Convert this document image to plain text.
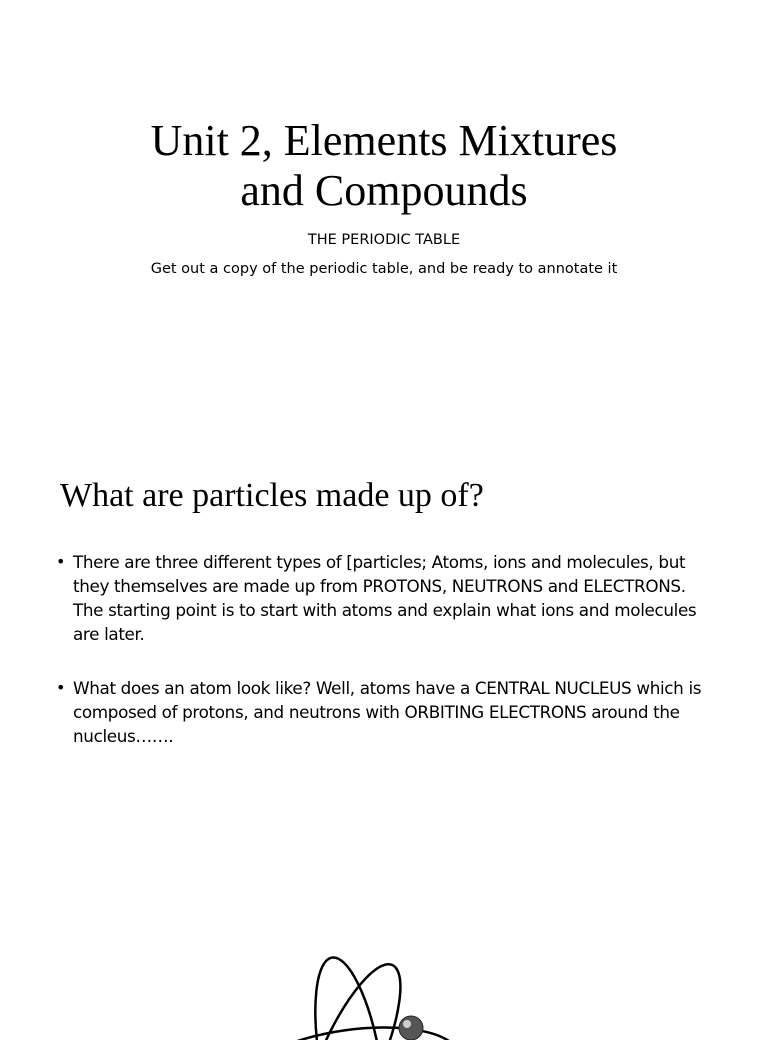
Unit 2, Elements Mixtures
and Compounds

THE PERIODIC TABLE

Get out a copy of the periodic table, and be ready to annotate it

What are particles made up of?
• There are three different types of [particles; Atoms, ions and molecules, but they themselves are made up from PROTONS, NEUTRONS and ELECTRONS. The starting point is to start with atoms and explain what ions and molecules are later.
• What does an atom look like? Well, atoms have a CENTRAL NUCLEUS which is composed of protons, and neutrons with ORBITING ELECTRONS around the nucleus…….
